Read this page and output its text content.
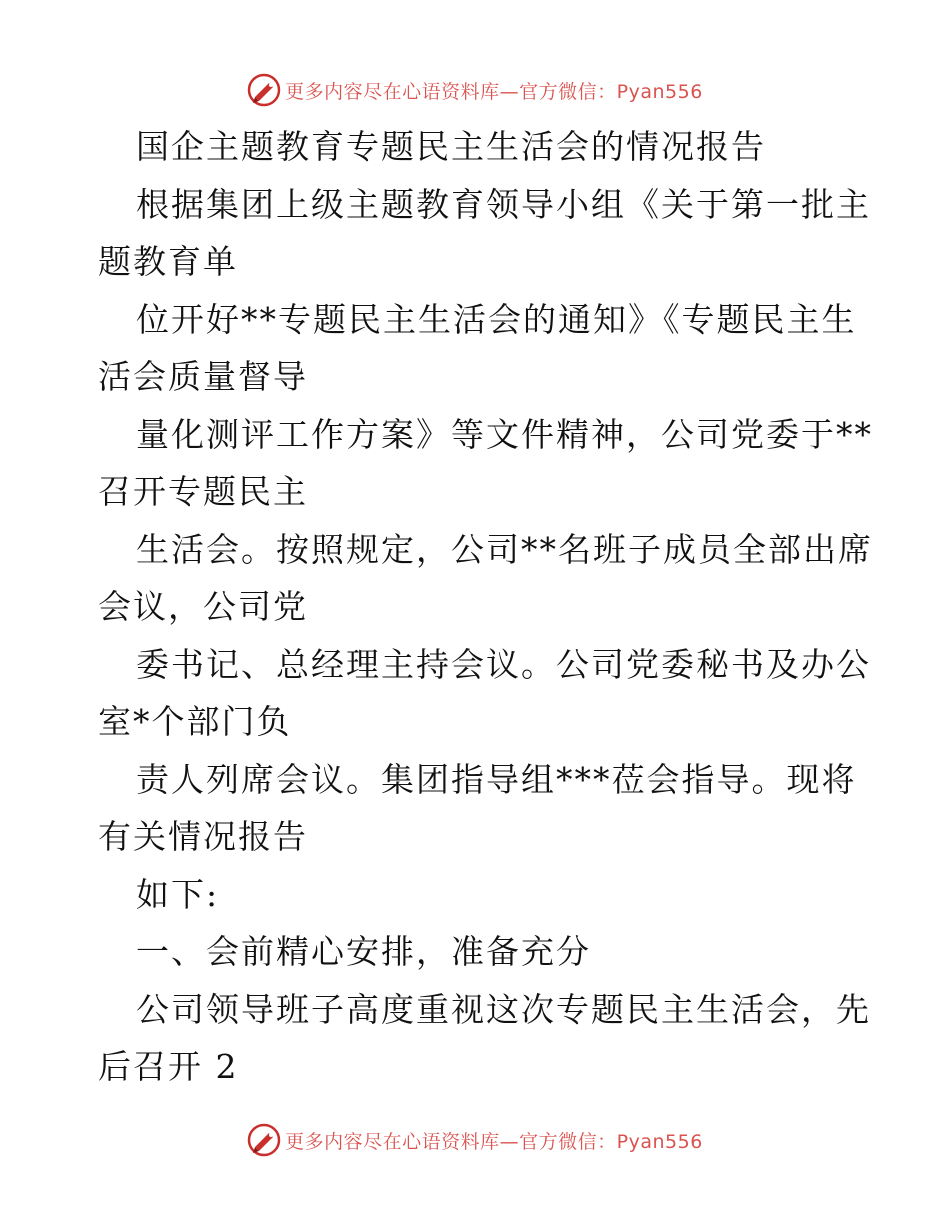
更多内容尽在心语资料库—官方微信：Pyan556
国企主题教育专题民主生活会的情况报告
根据集团上级主题教育领导小组《关于第一批主
题教育单
位开好**专题民主生活会的通知》《专题民主生
活会质量督导
量化测评工作方案》等文件精神，公司党委于**
召开专题民主
生活会。按照规定，公司**名班子成员全部出席
会议，公司党
委书记、总经理主持会议。公司党委秘书及办公
室*个部门负
责人列席会议。集团指导组***莅会指导。现将
有关情况报告
如下:
一、会前精心安排，准备充分
公司领导班子高度重视这次专题民主生活会，先
后召开 2
更多内容尽在心语资料库—官方微信：Pyan556
